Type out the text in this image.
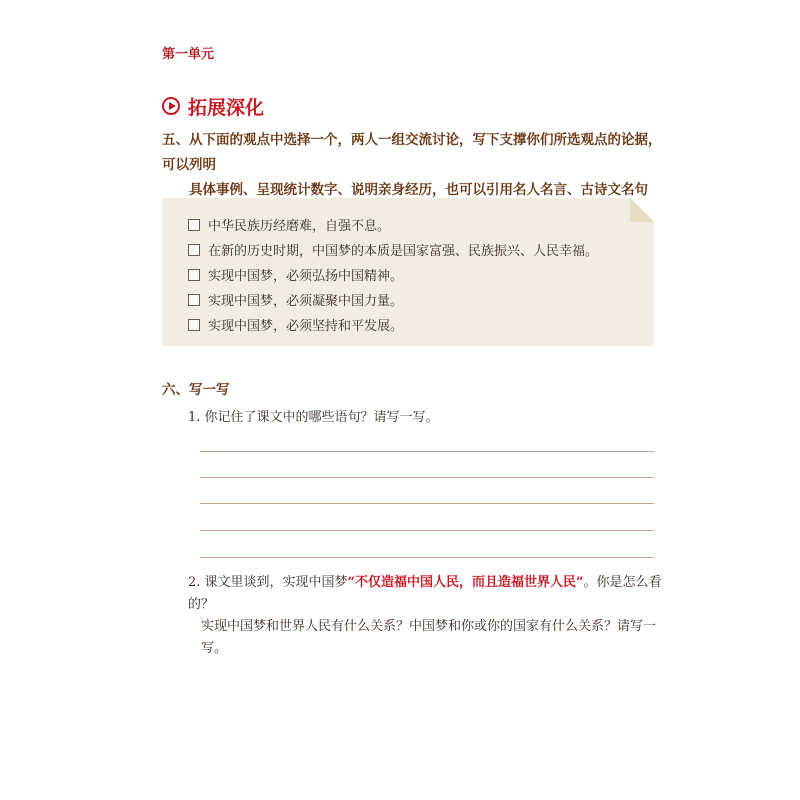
第一单元
拓展深化

五、从下面的观点中选择一个，两人一组交流讨论，写下支撑你们所选观点的论据，可以列明
具体事例、呈现统计数字、说明亲身经历，也可以引用名人名言、古诗文名句

中华民族历经磨难，自强不息。
在新的历史时期，中国梦的本质是国家富强、民族振兴、人民幸福。
实现中国梦，必须弘扬中国精神。
实现中国梦，必须凝聚中国力量。
实现中国梦，必须坚持和平发展。
六、写一写
1. 你记住了课文中的哪些语句？请写一写。

2. 课文里谈到，实现中国梦“不仅造福中国人民，而且造福世界人民”。你是怎么看的？
实现中国梦和世界人民有什么关系？中国梦和你或你的国家有什么关系？请写一写。
